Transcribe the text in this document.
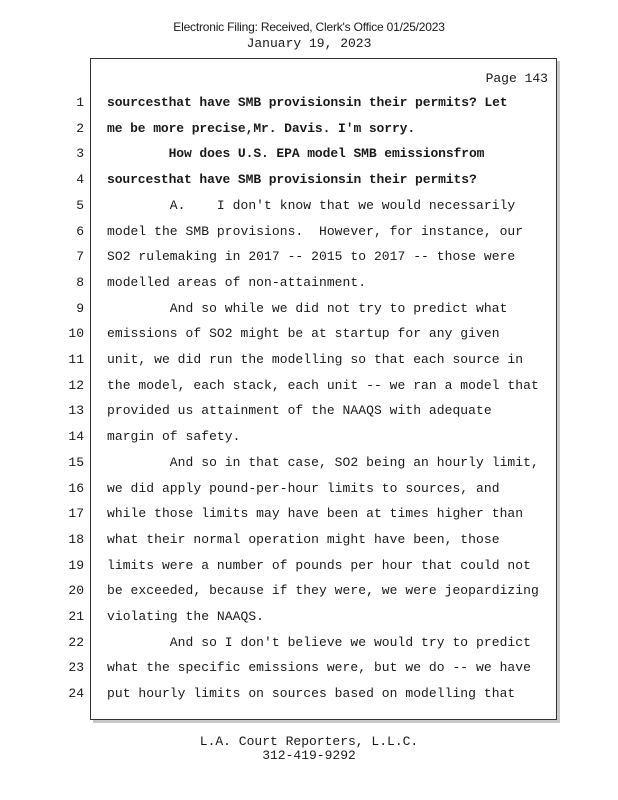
Electronic Filing: Received, Clerk's Office 01/25/2023
January 19, 2023
Page 143
1 sourcesthat have SMB provisionsin their permits? Let
2 me be more precise,Mr. Davis. I'm sorry.
3 How does U.S. EPA model SMB emissionsfrom
4 sourcesthat have SMB provisionsin their permits?
5 A.    I don't know that we would necessarily
6 model the SMB provisions.  However, for instance, our
7 SO2 rulemaking in 2017 -- 2015 to 2017 -- those were
8 modelled areas of non-attainment.
9 And so while we did not try to predict what
10 emissions of SO2 might be at startup for any given
11 unit, we did run the modelling so that each source in
12 the model, each stack, each unit -- we ran a model that
13 provided us attainment of the NAAQS with adequate
14 margin of safety.
15 And so in that case, SO2 being an hourly limit,
16 we did apply pound-per-hour limits to sources, and
17 while those limits may have been at times higher than
18 what their normal operation might have been, those
19 limits were a number of pounds per hour that could not
20 be exceeded, because if they were, we were jeopardizing
21 violating the NAAQS.
22 And so I don't believe we would try to predict
23 what the specific emissions were, but we do -- we have
24 put hourly limits on sources based on modelling that
L.A. Court Reporters, L.L.C.
312-419-9292
